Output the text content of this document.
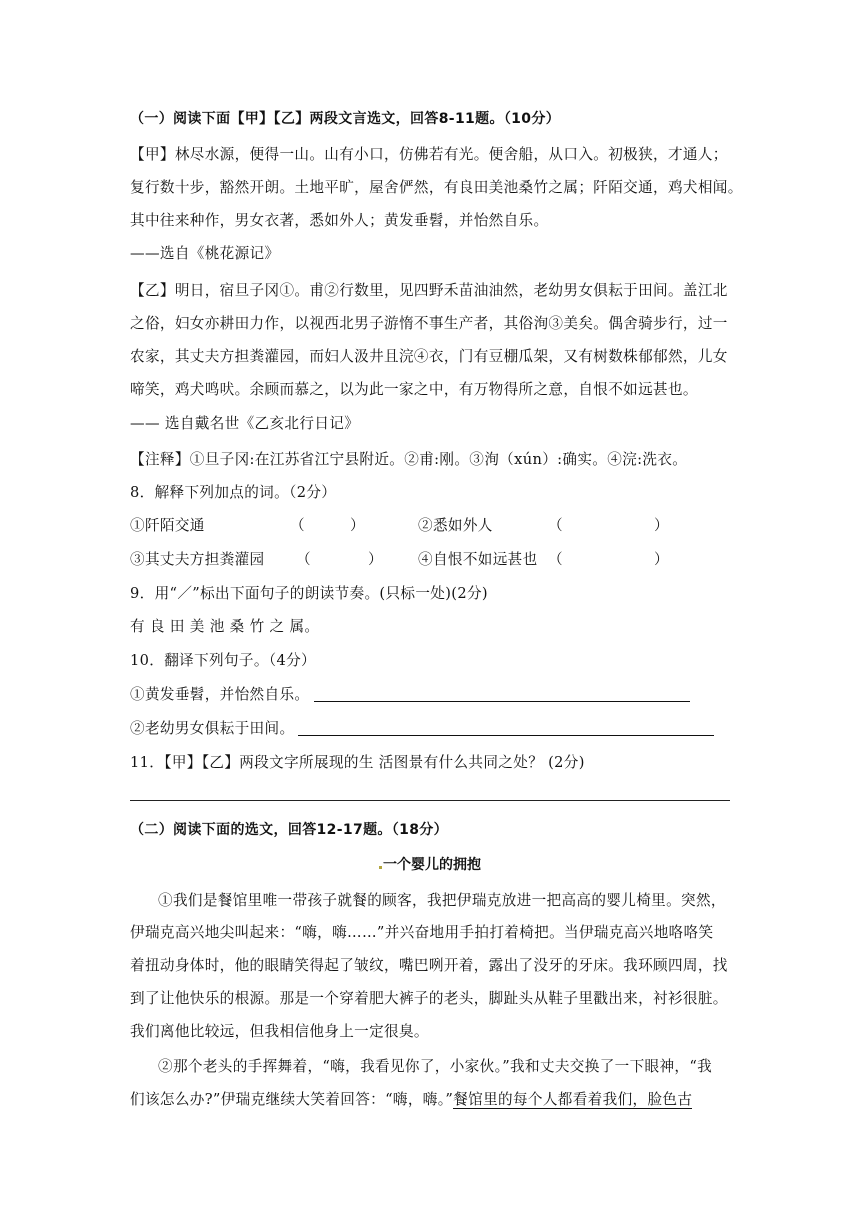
（一）阅读下面【甲】【乙】两段文言选文，回答8-11题。（10分）
【甲】林尽水源，便得一山。山有小口，仿佛若有光。便舍船，从口入。初极狭，才通人；
复行数十步，豁然开朗。土地平旷，屋舍俨然，有良田美池桑竹之属；阡陌交通，鸡犬相闻。
其中往来种作，男女衣著，悉如外人；黄发垂髫，并怡然自乐。
——选自《桃花源记》
【乙】明日，宿旦子冈①。甫②行数里，见四野禾苗油油然，老幼男女俱耘于田间。盖江北
之俗，妇女亦耕田力作，以视西北男子游惰不事生产者，其俗洵③美矣。偶舍骑步行，过一
农家，其丈夫方担粪灌园，而妇人汲井且浣④衣，门有豆棚瓜架，又有树数株郁郁然，儿女
啼笑，鸡犬鸣吠。余顾而慕之，以为此一家之中，有万物得所之意，自恨不如远甚也。
—— 选自戴名世《乙亥北行日记》
【注释】①旦子冈:在江苏省江宁县附近。②甫:刚。③洵（xún）:确实。④浣:洗衣。
8．解释下列加点的词。（2分）
①阡陌交通	（	）	②悉如外人	（	）
③其丈夫方担粪灌园	（	） ④自恨不如远甚也 （	）
9．用“／”标出下面句子的朗读节奏。(只标一处)(2分)
有 良 田 美 池 桑 竹 之 属。
10．翻译下列句子。（4分）
①黄发垂髫，并怡然自乐。
②老幼男女俱耘于田间。
11．【甲】【乙】两段文字所展现的生 活图景有什么共同之处？ (2分)
（二）阅读下面的选文，回答12-17题。（18分）
一个婴儿的拥抱
①我们是餐馆里唯一带孩子就餐的顾客，我把伊瑞克放进一把高高的婴儿椅里。突然，
伊瑞克高兴地尖叫起来：“嗨，嗨……”并兴奋地用手拍打着椅把。当伊瑞克高兴地咯咯笑
着扭动身体时，他的眼睛笑得起了皱纹，嘴巴咧开着，露出了没牙的牙床。我环顾四周，找
到了让他快乐的根源。那是一个穿着肥大裤子的老头，脚趾头从鞋子里戳出来，衬衫很脏。
我们离他比较远，但我相信他身上一定很臭。
②那个老头的手挥舞着，“嗨，我看见你了，小家伙。”我和丈夫交换了一下眼神，“我
们该怎么办?”伊瑞克继续大笑着回答：“嗨，嗨。”餐馆里的每个人都看着我们，脸色古
